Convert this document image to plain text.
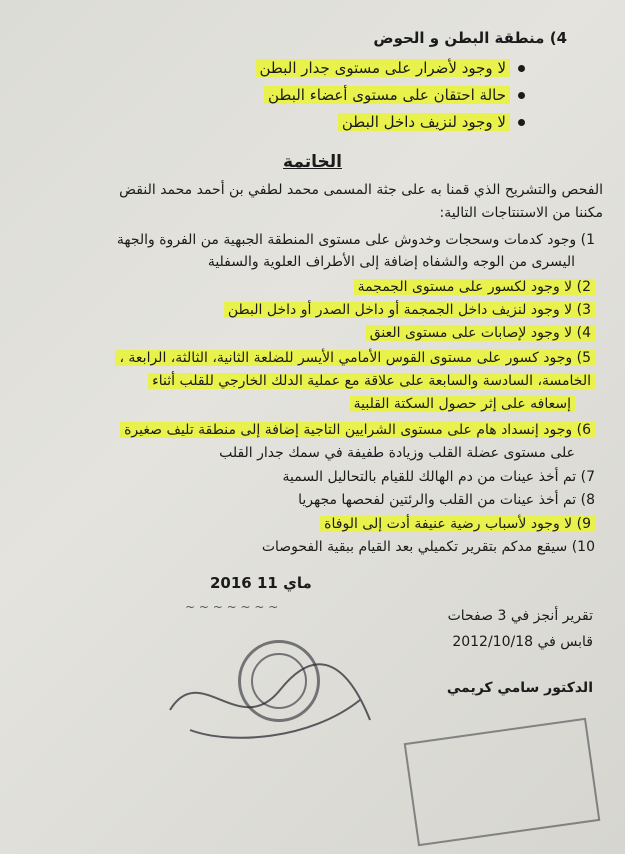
4) منطقة البطن و الحوض
لا وجود لأضرار على مستوى جدار البطن
حالة احتقان على مستوى أعضاء البطن
لا وجود لنزيف داخل البطن
الخاتمة
الفحص والتشريح الذي قمنا به على جثة المسمى محمد لطفي بن أحمد محمد النقض
مكننا من الاستنتاجات التالية:
1) وجود كدمات وسحجات وخدوش على مستوى المنطقة الجبهية من الفروة والجهة
اليسرى من الوجه والشفاه إضافة إلى الأطراف العلوية والسفلية
2) لا وجود لكسور على مستوى الجمجمة
3) لا وجود لنزيف داخل الجمجمة أو داخل الصدر أو داخل البطن
4) لا وجود لإصابات على مستوى العنق
5) وجود كسور على مستوى القوس الأمامي الأيسر للضلعة الثانية، الثالثة، الرابعة ،
الخامسة، السادسة والسابعة على علاقة مع عملية الدلك الخارجي للقلب أثناء
إسعافه على إثر حصول السكتة القلبية
6) وجود إنسداد هام على مستوى الشرايين التاجية إضافة إلى منطقة تليف صغيرة
على مستوى عضلة القلب وزيادة طفيفة في سمك جدار القلب
7) تم أخذ عينات من دم الهالك للقيام بالتحاليل السمية
8) تم أخذ عينات من القلب والرئتين لفحصها مجهريا
9) لا وجود لأسباب رضية عنيفة أدت إلى الوفاة
10) سيقع مدكم بتقرير تكميلي بعد القيام ببقية الفحوصات
2016 ماي 11
~ ~ ~ ~ ~ ~ ~
تقرير أنجز في 3 صفحات
قابس في 2012/10/18
الدكتور سامي كريمي
